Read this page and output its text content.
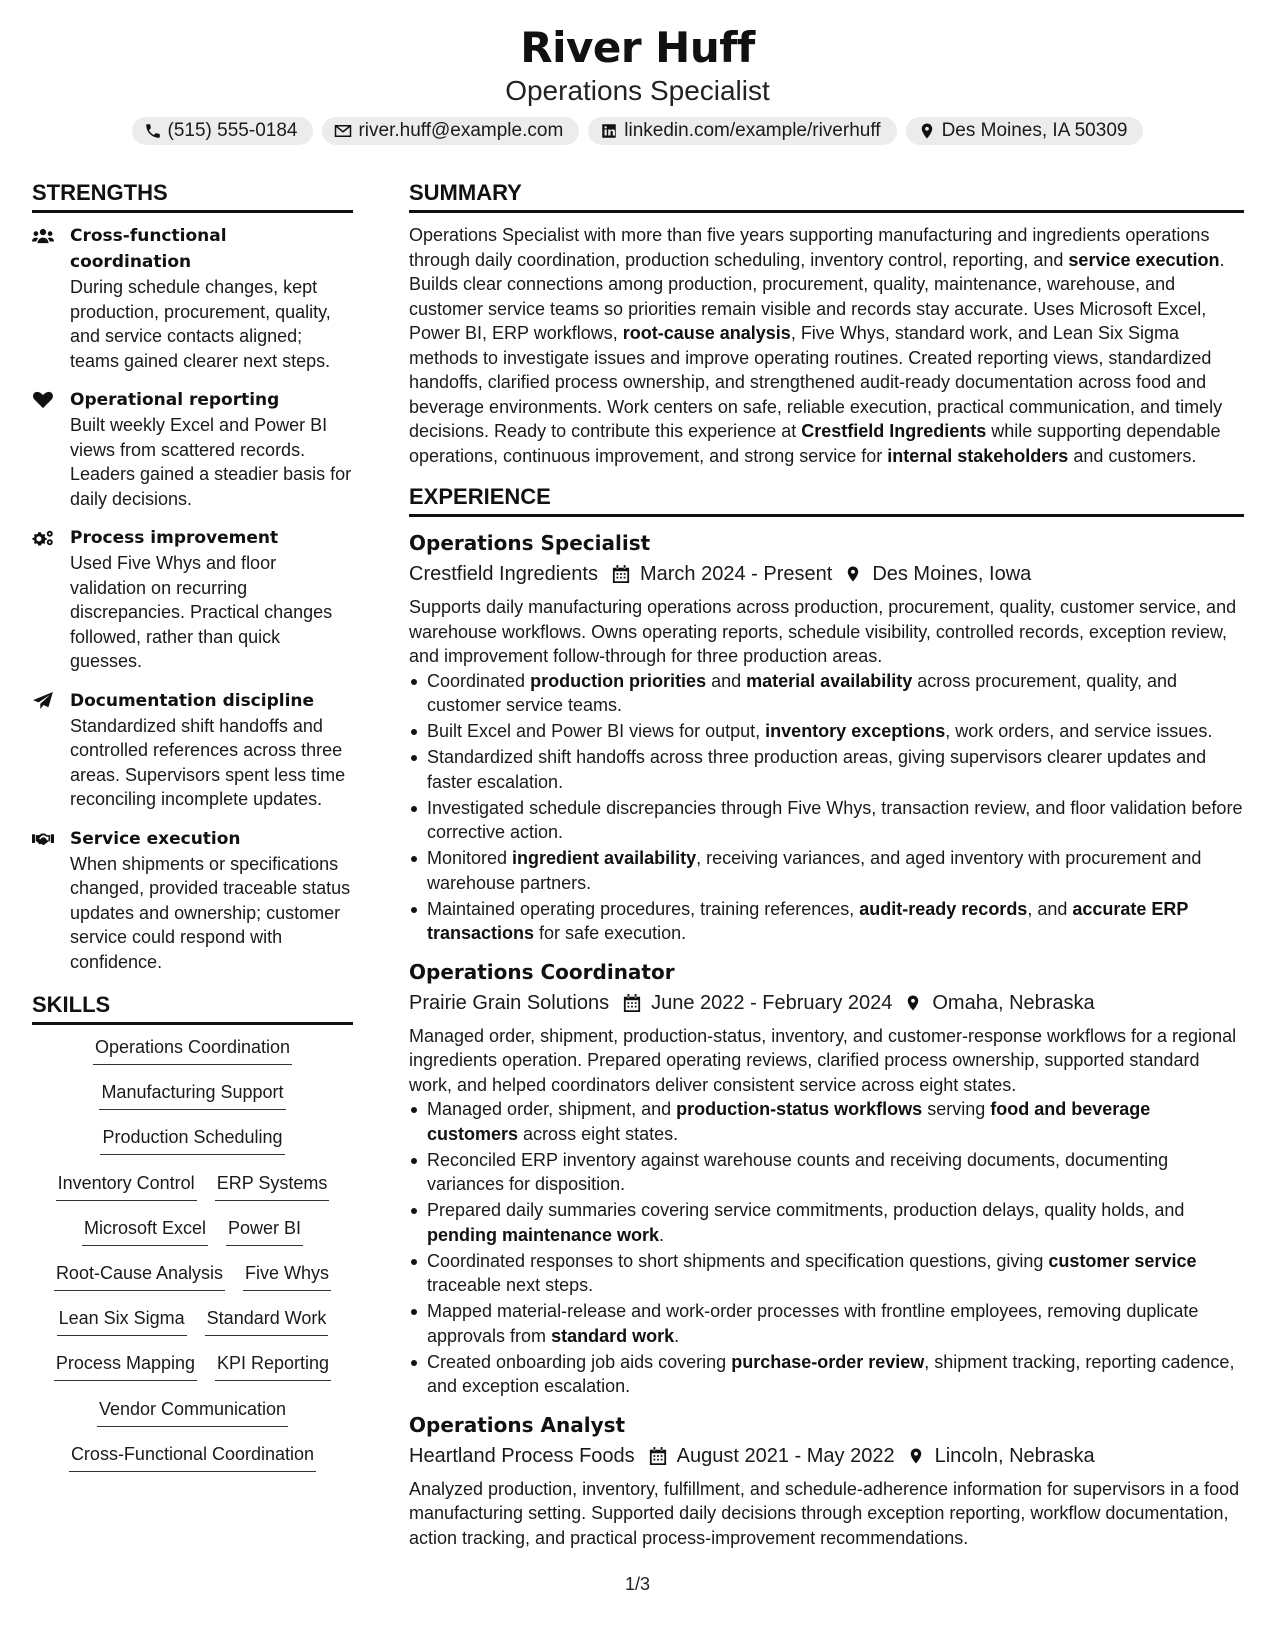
River Huff
Operations Specialist
(515) 555-0184	river.huff@example.com	linkedin.com/example/riverhuff	Des Moines, IA 50309
STRENGTHS
Cross-functional coordination
During schedule changes, kept production, procurement, quality, and service contacts aligned; teams gained clearer next steps.
Operational reporting
Built weekly Excel and Power BI views from scattered records. Leaders gained a steadier basis for daily decisions.
Process improvement
Used Five Whys and floor validation on recurring discrepancies. Practical changes followed, rather than quick guesses.
Documentation discipline
Standardized shift handoffs and controlled references across three areas. Supervisors spent less time reconciling incomplete updates.
Service execution
When shipments or specifications changed, provided traceable status updates and ownership; customer service could respond with confidence.
SKILLS
Operations Coordination
Manufacturing Support
Production Scheduling
Inventory Control ERP Systems
Microsoft Excel Power BI
Root-Cause Analysis Five Whys
Lean Six Sigma Standard Work
Process Mapping KPI Reporting
Vendor Communication
Cross-Functional Coordination
SUMMARY

Operations Specialist with more than five years supporting manufacturing and ingredients operations through daily coordination, production scheduling, inventory control, reporting, and service execution. Builds clear connections among production, procurement, quality, maintenance, warehouse, and customer service teams so priorities remain visible and records stay accurate. Uses Microsoft Excel, Power BI, ERP workflows, root-cause analysis, Five Whys, standard work, and Lean Six Sigma methods to investigate issues and improve operating routines. Created reporting views, standardized handoffs, clarified process ownership, and strengthened audit-ready documentation across food and beverage environments. Work centers on safe, reliable execution, practical communication, and timely decisions. Ready to contribute this experience at Crestfield Ingredients while supporting dependable operations, continuous improvement, and strong service for internal stakeholders and customers.

EXPERIENCE
Operations Specialist
Crestfield Ingredients March 2024 - Present Des Moines, Iowa
Supports daily manufacturing operations across production, procurement, quality, customer service, and warehouse workflows. Owns operating reports, schedule visibility, controlled records, exception review, and improvement follow-through for three production areas.
Coordinated production priorities and material availability across procurement, quality, and customer service teams.
Built Excel and Power BI views for output, inventory exceptions, work orders, and service issues.
Standardized shift handoffs across three production areas, giving supervisors clearer updates and faster escalation.
Investigated schedule discrepancies through Five Whys, transaction review, and floor validation before corrective action.
Monitored ingredient availability, receiving variances, and aged inventory with procurement and warehouse partners.
Maintained operating procedures, training references, audit-ready records, and accurate ERP transactions for safe execution.
Operations Coordinator
Prairie Grain Solutions June 2022 - February 2024 Omaha, Nebraska
Managed order, shipment, production-status, inventory, and customer-response workflows for a regional ingredients operation. Prepared operating reviews, clarified process ownership, supported standard work, and helped coordinators deliver consistent service across eight states.
Managed order, shipment, and production-status workflows serving food and beverage customers across eight states.
Reconciled ERP inventory against warehouse counts and receiving documents, documenting variances for disposition.
Prepared daily summaries covering service commitments, production delays, quality holds, and pending maintenance work.
Coordinated responses to short shipments and specification questions, giving customer service traceable next steps.
Mapped material-release and work-order processes with frontline employees, removing duplicate approvals from standard work.
Created onboarding job aids covering purchase-order review, shipment tracking, reporting cadence, and exception escalation.
Operations Analyst
Heartland Process Foods August 2021 - May 2022 Lincoln, Nebraska
Analyzed production, inventory, fulfillment, and schedule-adherence information for supervisors in a food manufacturing setting. Supported daily decisions through exception reporting, workflow documentation, action tracking, and practical process-improvement recommendations.
1/3
